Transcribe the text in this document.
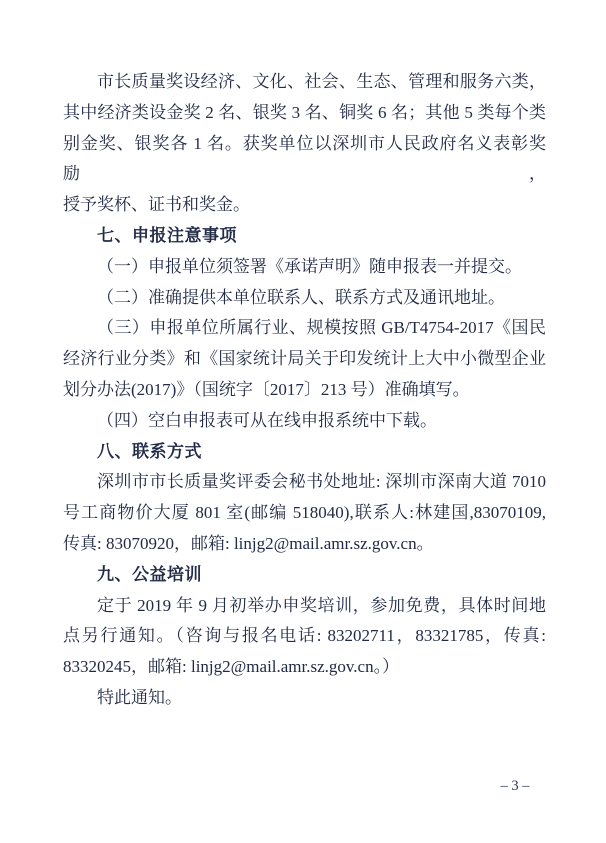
市长质量奖设经济、文化、社会、生态、管理和服务六类，
其中经济类设金奖 2 名、银奖 3 名、铜奖 6 名；其他 5 类每个类
别金奖、银奖各 1 名。获奖单位以深圳市人民政府名义表彰奖励，
授予奖杯、证书和奖金。
七、申报注意事项
（一）申报单位须签署《承诺声明》随申报表一并提交。
（二）准确提供本单位联系人、联系方式及通讯地址。
（三）申报单位所属行业、规模按照 GB/T4754-2017《国民
经济行业分类》和《国家统计局关于印发统计上大中小微型企业
划分办法(2017)》（国统字〔2017〕213 号）准确填写。
（四）空白申报表可从在线申报系统中下载。
八、联系方式
深圳市市长质量奖评委会秘书处地址: 深圳市深南大道 7010
号工商物价大厦 801 室(邮编 518040),联系人:林建国,83070109,
传真: 83070920，邮箱: linjg2@mail.amr.sz.gov.cn。
九、公益培训
定于 2019 年 9 月初举办申奖培训，参加免费，具体时间地
点另行通知。（咨询与报名电话: 83202711，83321785，传真:
83320245，邮箱: linjg2@mail.amr.sz.gov.cn。）
特此通知。
– 3 –
